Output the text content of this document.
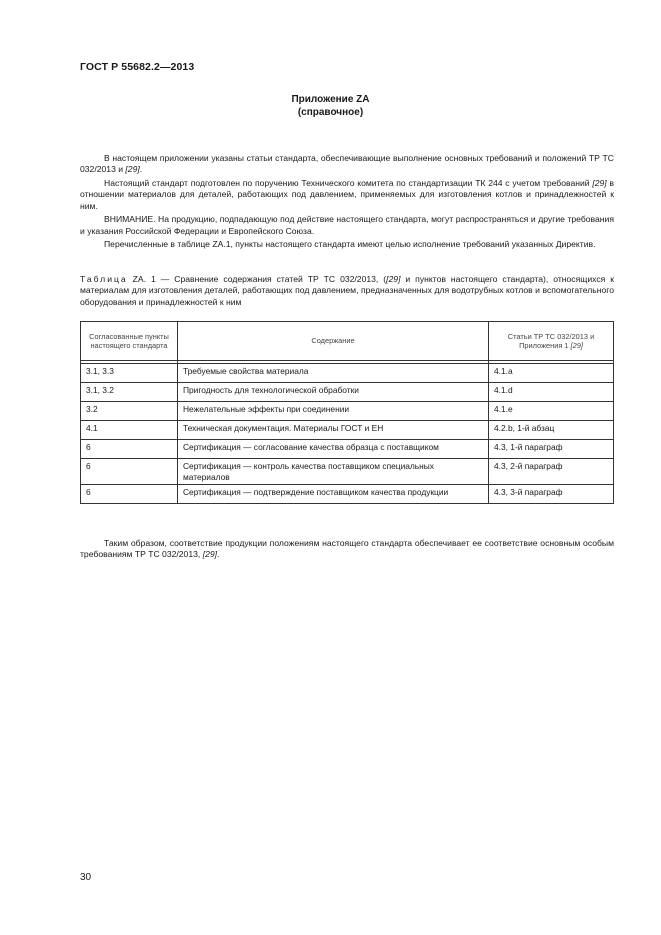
ГОСТ Р 55682.2—2013
Приложение ZA
(справочное)

В настоящем приложении указаны статьи стандарта, обеспечивающие выполнение основных требований и положений ТР ТС 032/2013 и [29].

Настоящий стандарт подготовлен по поручению Технического комитета по стандартизации ТК 244 с учетом требований [29] в отношении материалов для деталей, работающих под давлением, применяемых для изготовления котлов и принадлежностей к ним.

ВНИМАНИЕ. На продукцию, подпадающую под действие настоящего стандарта, могут распространяться и другие требования и указания Российской Федерации и Европейского Союза.

Перечисленные в таблице ZA.1, пункты настоящего стандарта имеют целью исполнение требований указанных Директив.

Таблица ZA. 1 — Сравнение содержания статей ТР ТС 032/2013, ([29] и пунктов настоящего стандарта), относящихся к материалам для изготовления деталей, работающих под давлением, предназначенных для водотрубных котлов и вспомогательного оборудования и принадлежностей к ним
Согласованные пункты настоящего стандарта	Содержание	Статьи ТР ТС 032/2013 и Приложения 1 [29]

3.1, 3.3	Требуемые свойства материала	4.1.a
3.1, 3.2	Пригодность для технологической обработки	4.1.d
3.2	Нежелательные эффекты при соединении	4.1.e
4.1	Техническая документация. Материалы ГОСТ и ЕН	4.2.b, 1-й абзац
6	Сертификация — согласование качества образца с поставщиком	4.3, 1-й параграф
6	Сертификация — контроль качества поставщиком специальных материалов	4.3, 2-й параграф
6	Сертификация — подтверждение поставщиком качества продукции	4.3, 3-й параграф

Таким образом, соответствие продукции положениям настоящего стандарта обеспечивает ее соответствие основным особым требованиям ТР ТС 032/2013, [29].

30
